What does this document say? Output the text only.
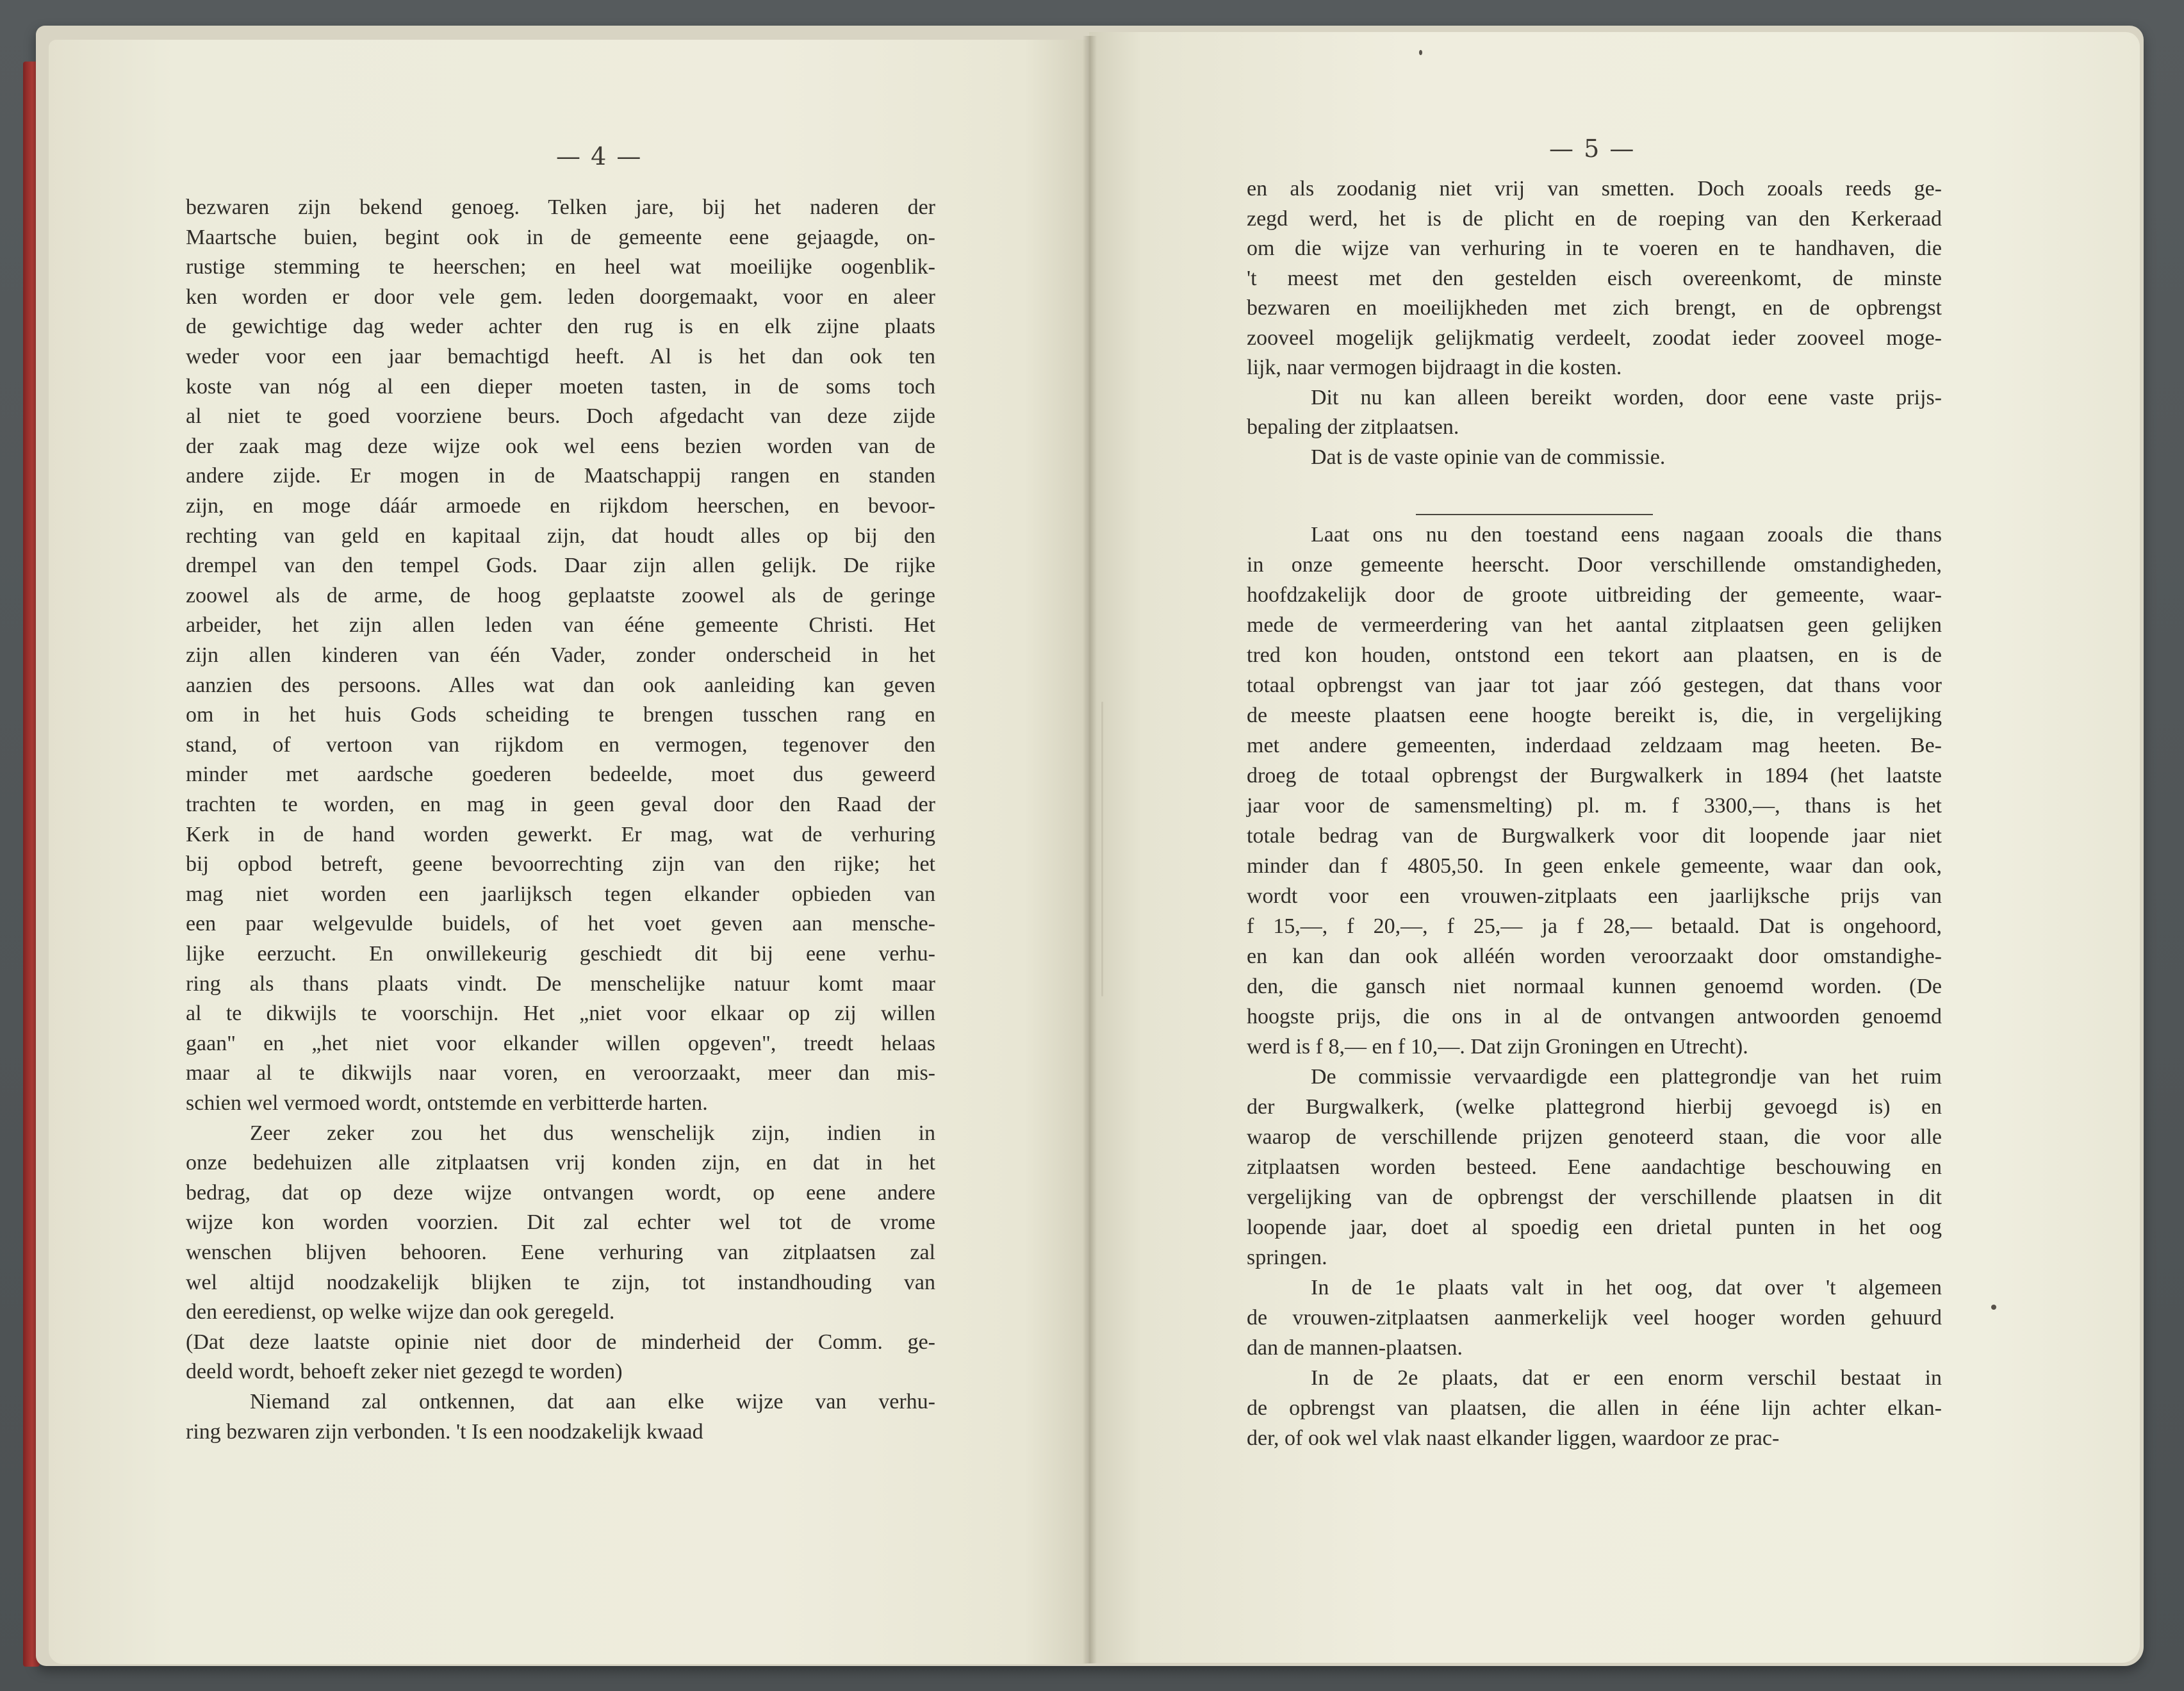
— 4 —	— 5 —
bezwaren zijn bekend genoeg. Telken jare, bij het naderen der
Maartsche buien, begint ook in de gemeente eene gejaagde, on-
rustige stemming te heerschen; en heel wat moeilijke oogenblik-
ken worden er door vele gem. leden doorgemaakt, voor en aleer
de gewichtige dag weder achter den rug is en elk zijne plaats
weder voor een jaar bemachtigd heeft. Al is het dan ook ten
koste van nóg al een dieper moeten tasten, in de soms toch
al niet te goed voorziene beurs. Doch afgedacht van deze zijde
der zaak mag deze wijze ook wel eens bezien worden van de
andere zijde. Er mogen in de Maatschappij rangen en standen
zijn, en moge dáár armoede en rijkdom heerschen, en bevoor-
rechting van geld en kapitaal zijn, dat houdt alles op bij den
drempel van den tempel Gods. Daar zijn allen gelijk. De rijke
zoowel als de arme, de hoog geplaatste zoowel als de geringe
arbeider, het zijn allen leden van ééne gemeente Christi. Het
zijn allen kinderen van één Vader, zonder onderscheid in het
aanzien des persoons. Alles wat dan ook aanleiding kan geven
om in het huis Gods scheiding te brengen tusschen rang en
stand, of vertoon van rijkdom en vermogen, tegenover den
minder met aardsche goederen bedeelde, moet dus geweerd
trachten te worden, en mag in geen geval door den Raad der
Kerk in de hand worden gewerkt. Er mag, wat de verhuring
bij opbod betreft, geene bevoorrechting zijn van den rijke; het
mag niet worden een jaarlijksch tegen elkander opbieden van
een paar welgevulde buidels, of het voet geven aan mensche-
lijke eerzucht. En onwillekeurig geschiedt dit bij eene verhu-
ring als thans plaats vindt. De menschelijke natuur komt maar
al te dikwijls te voorschijn. Het „niet voor elkaar op zij willen
gaan" en „het niet voor elkander willen opgeven", treedt helaas
maar al te dikwijls naar voren, en veroorzaakt, meer dan mis-
schien wel vermoed wordt, ontstemde en verbitterde harten.
Zeer zeker zou het dus wenschelijk zijn, indien in
onze bedehuizen alle zitplaatsen vrij konden zijn, en dat in het
bedrag, dat op deze wijze ontvangen wordt, op eene andere
wijze kon worden voorzien. Dit zal echter wel tot de vrome
wenschen blijven behooren. Eene verhuring van zitplaatsen zal
wel altijd noodzakelijk blijken te zijn, tot instandhouding van
den eeredienst, op welke wijze dan ook geregeld.
(Dat deze laatste opinie niet door de minderheid der Comm. ge-
deeld wordt, behoeft zeker niet gezegd te worden)
Niemand zal ontkennen, dat aan elke wijze van verhu-
ring bezwaren zijn verbonden. 't Is een noodzakelijk kwaad
en als zoodanig niet vrij van smetten. Doch zooals reeds ge-
zegd werd, het is de plicht en de roeping van den Kerkeraad
om die wijze van verhuring in te voeren en te handhaven, die
't meest met den gestelden eisch overeenkomt, de minste
bezwaren en moeilijkheden met zich brengt, en de opbrengst
zooveel mogelijk gelijkmatig verdeelt, zoodat ieder zooveel moge-
lijk, naar vermogen bijdraagt in die kosten.
Dit nu kan alleen bereikt worden, door eene vaste prijs-
bepaling der zitplaatsen.
Dat is de vaste opinie van de commissie.
Laat ons nu den toestand eens nagaan zooals die thans
in onze gemeente heerscht. Door verschillende omstandigheden,
hoofdzakelijk door de groote uitbreiding der gemeente, waar-
mede de vermeerdering van het aantal zitplaatsen geen gelijken
tred kon houden, ontstond een tekort aan plaatsen, en is de
totaal opbrengst van jaar tot jaar zóó gestegen, dat thans voor
de meeste plaatsen eene hoogte bereikt is, die, in vergelijking
met andere gemeenten, inderdaad zeldzaam mag heeten. Be-
droeg de totaal opbrengst der Burgwalkerk in 1894 (het laatste
jaar voor de samensmelting) pl. m. f 3300,—, thans is het
totale bedrag van de Burgwalkerk voor dit loopende jaar niet
minder dan f 4805,50. In geen enkele gemeente, waar dan ook,
wordt voor een vrouwen-zitplaats een jaarlijksche prijs van
f 15,—, f 20,—, f 25,— ja f 28,— betaald. Dat is ongehoord,
en kan dan ook alléén worden veroorzaakt door omstandighe-
den, die gansch niet normaal kunnen genoemd worden. (De
hoogste prijs, die ons in al de ontvangen antwoorden genoemd
werd is f 8,— en f 10,—. Dat zijn Groningen en Utrecht).
De commissie vervaardigde een plattegrondje van het ruim
der Burgwalkerk, (welke plattegrond hierbij gevoegd is) en
waarop de verschillende prijzen genoteerd staan, die voor alle
zitplaatsen worden besteed. Eene aandachtige beschouwing en
vergelijking van de opbrengst der verschillende plaatsen in dit
loopende jaar, doet al spoedig een drietal punten in het oog
springen.
In de 1e plaats valt in het oog, dat over 't algemeen
de vrouwen-zitplaatsen aanmerkelijk veel hooger worden gehuurd
dan de mannen-plaatsen.
In de 2e plaats, dat er een enorm verschil bestaat in
de opbrengst van plaatsen, die allen in ééne lijn achter elkan-
der, of ook wel vlak naast elkander liggen, waardoor ze prac-
